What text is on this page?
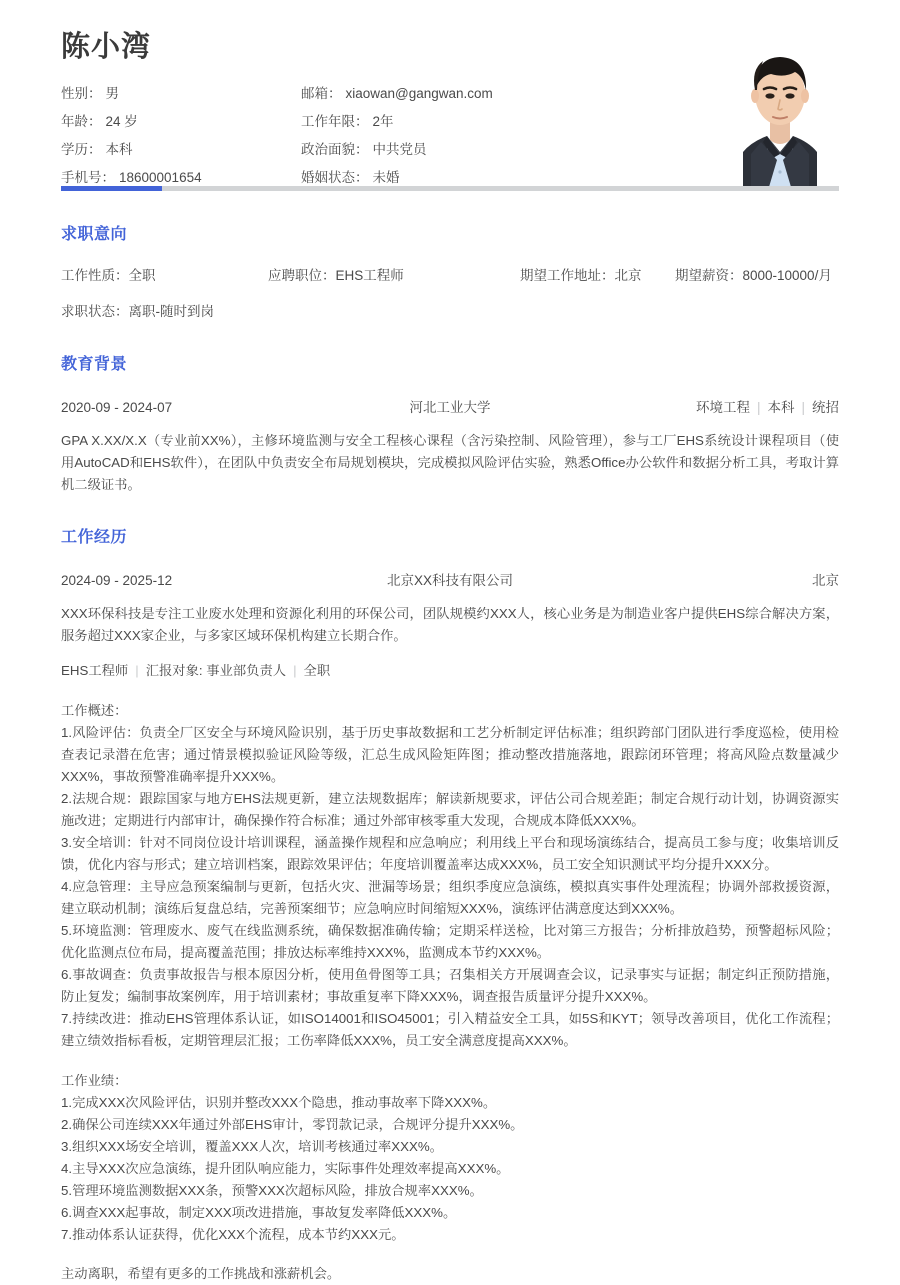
陈小湾
性别： 男	邮箱： xiaowan@gangwan.com
年龄： 24 岁	工作年限： 2年
学历： 本科	政治面貌： 中共党员
手机号： 18600001654	婚姻状态： 未婚
求职意向
工作性质：全职	应聘职位：EHS工程师	期望工作地址：北京	期望薪资：8000-10000/月
求职状态：离职-随时到岗
教育背景
2020-09 - 2024-07	河北工业大学	环境工程 | 本科 | 统招

GPA X.XX/X.X（专业前XX%），主修环境监测与安全工程核心课程（含污染控制、风险管理），参与工厂EHS系统设计课程项目（使用AutoCAD和EHS软件），在团队中负责安全布局规划模块，完成模拟风险评估实验，熟悉Office办公软件和数据分析工具，考取计算机二级证书。

工作经历
2024-09 - 2025-12	北京XX科技有限公司	北京

XXX环保科技是专注工业废水处理和资源化利用的环保公司，团队规模约XXX人，核心业务是为制造业客户提供EHS综合解决方案，服务超过XXX家企业，与多家区域环保机构建立长期合作。

EHS工程师 | 汇报对象: 事业部负责人 | 全职
工作概述：
1.风险评估：负责全厂区安全与环境风险识别，基于历史事故数据和工艺分析制定评估标准；组织跨部门团队进行季度巡检，使用检查表记录潜在危害；通过情景模拟验证风险等级，汇总生成风险矩阵图；推动整改措施落地，跟踪闭环管理；将高风险点数量减少XXX%，事故预警准确率提升XXX%。
2.法规合规：跟踪国家与地方EHS法规更新，建立法规数据库；解读新规要求，评估公司合规差距；制定合规行动计划，协调资源实施改进；定期进行内部审计，确保操作符合标准；通过外部审核零重大发现，合规成本降低XXX%。
3.安全培训：针对不同岗位设计培训课程，涵盖操作规程和应急响应；利用线上平台和现场演练结合，提高员工参与度；收集培训反馈，优化内容与形式；建立培训档案，跟踪效果评估；年度培训覆盖率达成XXX%，员工安全知识测试平均分提升XXX分。
4.应急管理：主导应急预案编制与更新，包括火灾、泄漏等场景；组织季度应急演练，模拟真实事件处理流程；协调外部救援资源，建立联动机制；演练后复盘总结，完善预案细节；应急响应时间缩短XXX%，演练评估满意度达到XXX%。
5.环境监测：管理废水、废气在线监测系统，确保数据准确传输；定期采样送检，比对第三方报告；分析排放趋势，预警超标风险；优化监测点位布局，提高覆盖范围；排放达标率维持XXX%，监测成本节约XXX%。
6.事故调查：负责事故报告与根本原因分析，使用鱼骨图等工具；召集相关方开展调查会议，记录事实与证据；制定纠正预防措施，防止复发；编制事故案例库，用于培训素材；事故重复率下降XXX%，调查报告质量评分提升XXX%。
7.持续改进：推动EHS管理体系认证，如ISO14001和ISO45001；引入精益安全工具，如5S和KYT；领导改善项目，优化工作流程；建立绩效指标看板，定期管理层汇报；工伤率降低XXX%，员工安全满意度提高XXX%。
工作业绩：
1.完成XXX次风险评估，识别并整改XXX个隐患，推动事故率下降XXX%。
2.确保公司连续XXX年通过外部EHS审计，零罚款记录，合规评分提升XXX%。
3.组织XXX场安全培训，覆盖XXX人次，培训考核通过率XXX%。
4.主导XXX次应急演练，提升团队响应能力，实际事件处理效率提高XXX%。
5.管理环境监测数据XXX条，预警XXX次超标风险，排放合规率XXX%。
6.调查XXX起事故，制定XXX项改进措施，事故复发率降低XXX%。
7.推动体系认证获得，优化XXX个流程，成本节约XXX元。
主动离职，希望有更多的工作挑战和涨薪机会。
